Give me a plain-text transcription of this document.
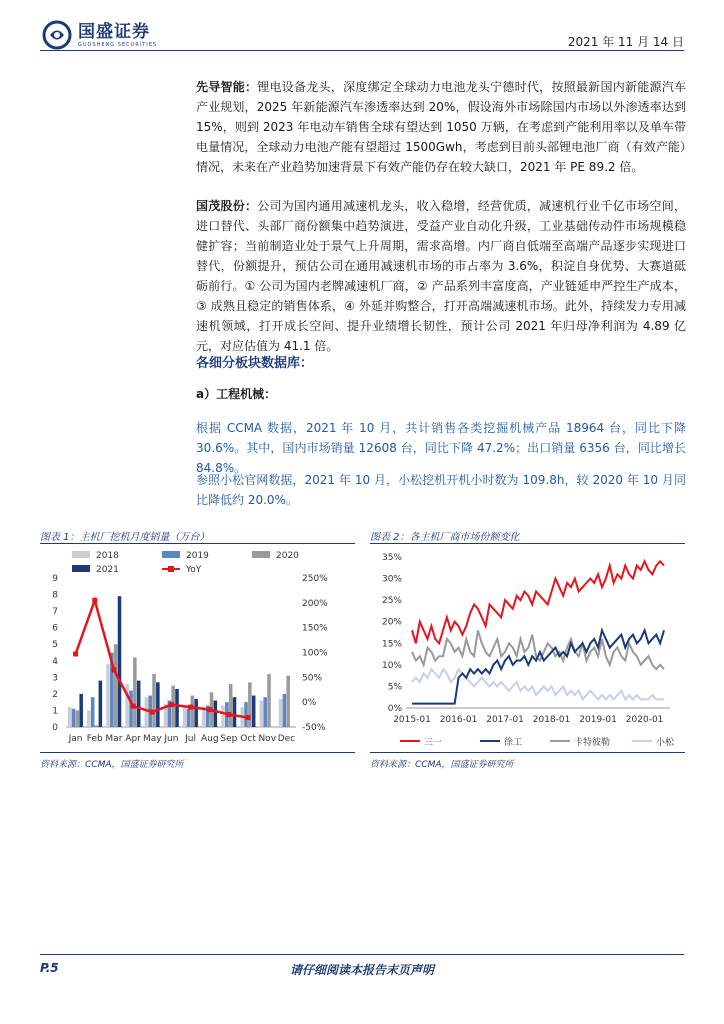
国盛证券
GUOSHENG SECURITIES	2021 年 11 月 14 日
先导智能：锂电设备龙头，深度绑定全球动力电池龙头宁德时代，按照最新国内新能源汽车产业规划，2025 年新能源汽车渗透率达到 20%，假设海外市场除国内市场以外渗透率达到 15%，则到 2023 年电动车销售全球有望达到 1050 万辆，在考虑到产能利用率以及单车带电量情况，全球动力电池产能有望超过 1500Gwh，考虑到目前头部锂电池厂商（有效产能）情况，未来在产业趋势加速背景下有效产能仍存在较大缺口，2021 年 PE 89.2 倍。
国茂股份：公司为国内通用减速机龙头，收入稳增，经营优质，减速机行业千亿市场空间，进口替代、头部厂商份额集中趋势演进，受益产业自动化升级，工业基础传动件市场规模稳健扩容；当前制造业处于景气上升周期，需求高增。内厂商自低端至高端产品逐步实现进口替代，份额提升，预估公司在通用减速机市场的市占率为 3.6%，积淀自身优势、大赛道砥砺前行。① 公司为国内老牌减速机厂商，② 产品系列丰富度高，产业链延申严控生产成本，③ 成熟且稳定的销售体系，④ 外延并购整合，打开高端减速机市场。此外，持续发力专用减速机领域，打开成长空间、提升业绩增长韧性，预计公司 2021 年归母净利润为 4.89 亿元，对应估值为 41.1 倍。
各细分板块数据库：
a）工程机械：
根据 CCMA 数据，2021 年 10 月，共计销售各类挖掘机械产品 18964 台，同比下降 30.6%。其中，国内市场销量 12608 台，同比下降 47.2%；出口销量 6356 台，同比增长 84.8%。
参照小松官网数据，2021 年 10 月，小松挖机开机小时数为 109.8h，较 2020 年 10 月同比降低约 20.0%。
图表 1：主机厂挖机月度销量（万台）
2018	2019	2020
2021	YoY
0
1
2
3
4
5
6
7
8
9
-50%
0%
50%
100%
150%
200%
250%
Jan Feb Mar Apr May Jun Jul Aug Sep Oct Nov Dec
资料来源：CCMA，国盛证券研究所
图表 2：各主机厂商市场份额变化
0%
5%
10%
15%
20%
25%
30%
35%
2015-01 2016-01 2017-01 2018-01 2019-01 2020-01
三一	徐工	卡特彼勒	小松
资料来源：CCMA，国盛证券研究所
P.5	请仔细阅读本报告末页声明
